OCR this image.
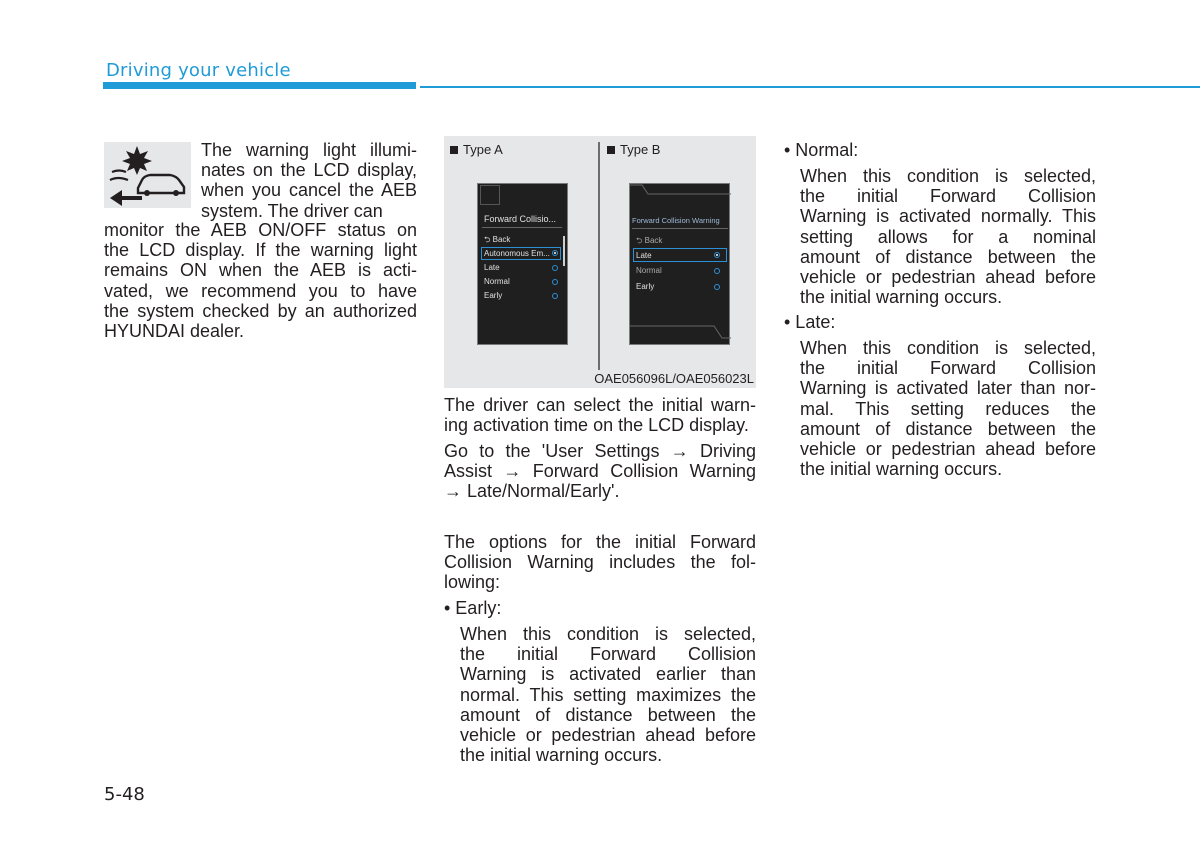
Driving your vehicle
The warning light illumi-
nates on the LCD display,
when you cancel the AEB
system. The driver can
monitor the AEB ON/OFF status on
the LCD display. If the warning light
remains ON when the AEB is acti-
vated, we recommend you to have
the system checked by an authorized
HYUNDAI dealer.
Type A	Type B
Forward Collisio...
⮌ Back
Autonomous Em...
Late
Normal
Early
Forward Collision Warning
⮌ Back
Late
Normal
Early
OAE056096L/OAE056023L
The driver can select the initial warn-
ing activation time on the LCD display.
Go to the 'User Settings → Driving
Assist → Forward Collision Warning
→ Late/Normal/Early'.
The options for the initial Forward
Collision Warning includes the fol-
lowing:
• Early:
When this condition is selected,
the initial Forward Collision
Warning is activated earlier than
normal. This setting maximizes the
amount of distance between the
vehicle or pedestrian ahead before
the initial warning occurs.
• Normal:
When this condition is selected,
the initial Forward Collision
Warning is activated normally. This
setting allows for a nominal
amount of distance between the
vehicle or pedestrian ahead before
the initial warning occurs.
• Late:
When this condition is selected,
the initial Forward Collision
Warning is activated later than nor-
mal. This setting reduces the
amount of distance between the
vehicle or pedestrian ahead before
the initial warning occurs.
5-48
